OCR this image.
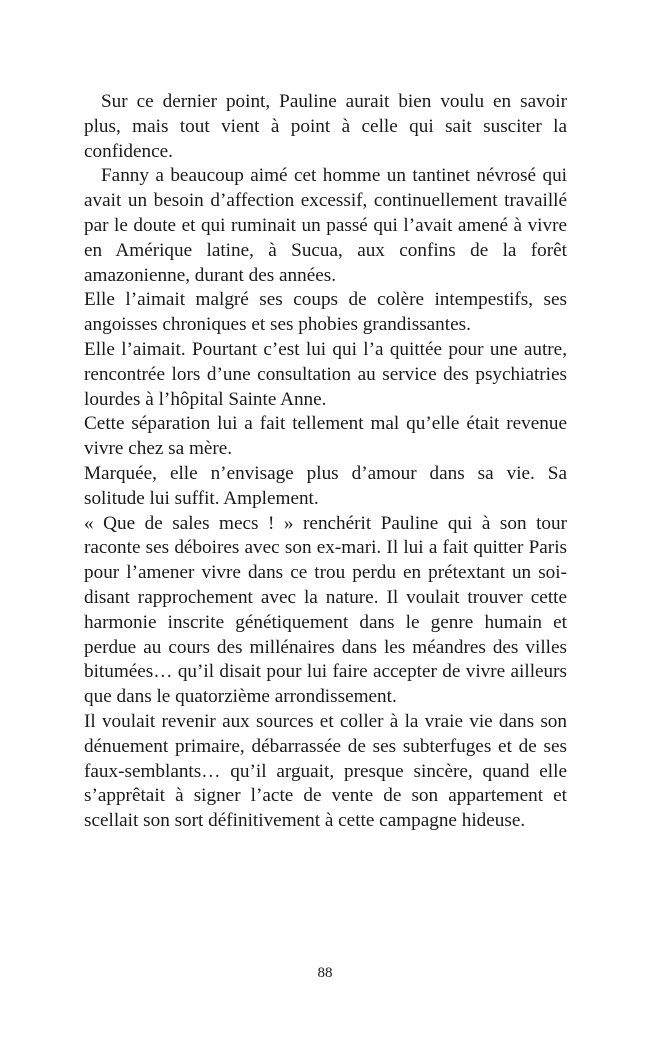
Sur ce dernier point, Pauline aurait bien voulu en savoir plus, mais tout vient à point à celle qui sait susciter la confidence.

Fanny a beaucoup aimé cet homme un tantinet névrosé qui avait un besoin d’affection excessif, continuellement travaillé par le doute et qui ruminait un passé qui l’avait amené à vivre en Amérique latine, à Sucua, aux confins de la forêt amazonienne, durant des années.

Elle l’aimait malgré ses coups de colère intempestifs, ses angoisses chroniques et ses phobies grandissantes.

Elle l’aimait. Pourtant c’est lui qui l’a quittée pour une autre, rencontrée lors d’une consultation au service des psychiatries lourdes à l’hôpital Sainte Anne.

Cette séparation lui a fait tellement mal qu’elle était revenue vivre chez sa mère.

Marquée, elle n’envisage plus d’amour dans sa vie. Sa solitude lui suffit. Amplement.

« Que de sales mecs ! » renchérit Pauline qui à son tour raconte ses déboires avec son ex-mari. Il lui a fait quitter Paris pour l’amener vivre dans ce trou perdu en prétextant un soi-disant rapprochement avec la nature. Il voulait trouver cette harmonie inscrite génétiquement dans le genre humain et perdue au cours des millénaires dans les méandres des villes bitumées… qu’il disait pour lui faire accepter de vivre ailleurs que dans le quatorzième arrondissement.

Il voulait revenir aux sources et coller à la vraie vie dans son dénuement primaire, débarrassée de ses subterfuges et de ses faux-semblants… qu’il arguait, presque sincère, quand elle s’apprêtait à signer l’acte de vente de son appartement et scellait son sort définitivement à cette campagne hideuse.

88
